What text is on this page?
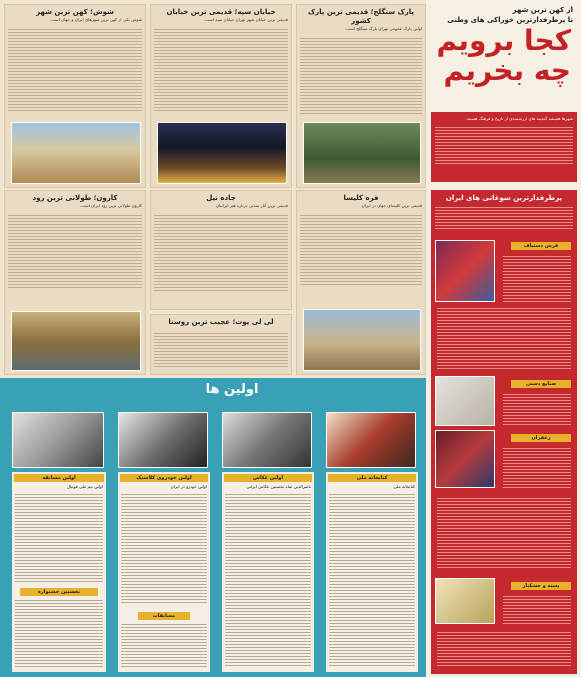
پارک سنگلج؛ قدیمی ترین پارک کشور
اولین پارک عمومی تهران پارک سنگلج است.
خیابان سپه؛ قدیمی ترین خیابان
قدیمی ترین خیابان شهر تهران خیابان سپه است.
شوش؛ کهن ترین شهر
شوش یکی از کهن ترین شهرهای ایران و جهان است.
قره کلیسا
قدیمی ترین کلیسای جهان در ایران
جاده نیل
قدیمی ترین آثار تمدنی درباره هنر ایرانیان
لی لی پوت؛ عجیب ترین روستا
کارون؛ طولانی ترین رود
کارون طولانی ترین رود ایران است.
از کهن ترین شهر
تا پرطرفدارترین خوراکی های وطنی
کجا برویم
چه بخریم
شهرها همیشه گنجینه های ارزشمندی از تاریخ و فرهنگ هستند.
پرطرفدارترین سوغاتی های ایران
فرش دستباف
صنایع دستی
زعفران
پسته و خشکبار
اولین ها
کتابخانه ملی
کتابخانه ملی
اولین عکاس
ناصرالدین شاه نخستین عکاس ایرانی
اولین خودروی کلاسیک
اولین خودرو در ایران
مسابقات
اولین مسابقه
اولین تیم ملی فوتبال
نخستین جشنواره
